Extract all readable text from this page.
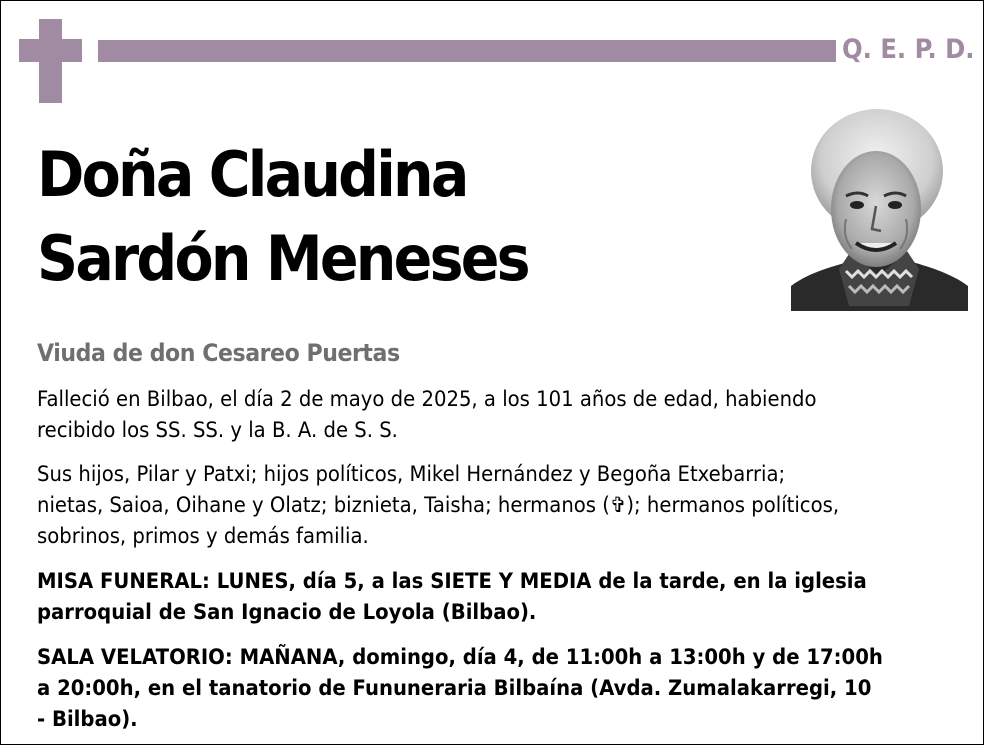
Q. E. P. D.
Doña Claudina
Sardón Meneses
Viuda de don Cesareo Puertas

Falleció en Bilbao, el día 2 de mayo de 2025, a los 101 años de edad, habiendo
recibido los SS. SS. y la B. A. de S. S.

Sus hijos, Pilar y Patxi; hijos políticos, Mikel Hernández y Begoña Etxebarria;
nietas, Saioa, Oihane y Olatz; biznieta, Taisha; hermanos (✞); hermanos políticos,
sobrinos, primos y demás familia.

MISA FUNERAL: LUNES, día 5, a las SIETE Y MEDIA de la tarde, en la iglesia
parroquial de San Ignacio de Loyola (Bilbao).

SALA VELATORIO: MAÑANA, domingo, día 4, de 11:00h a 13:00h y de 17:00h
a 20:00h, en el tanatorio de Fununeraria Bilbaína (Avda. Zumalakarregi, 10
- Bilbao).
